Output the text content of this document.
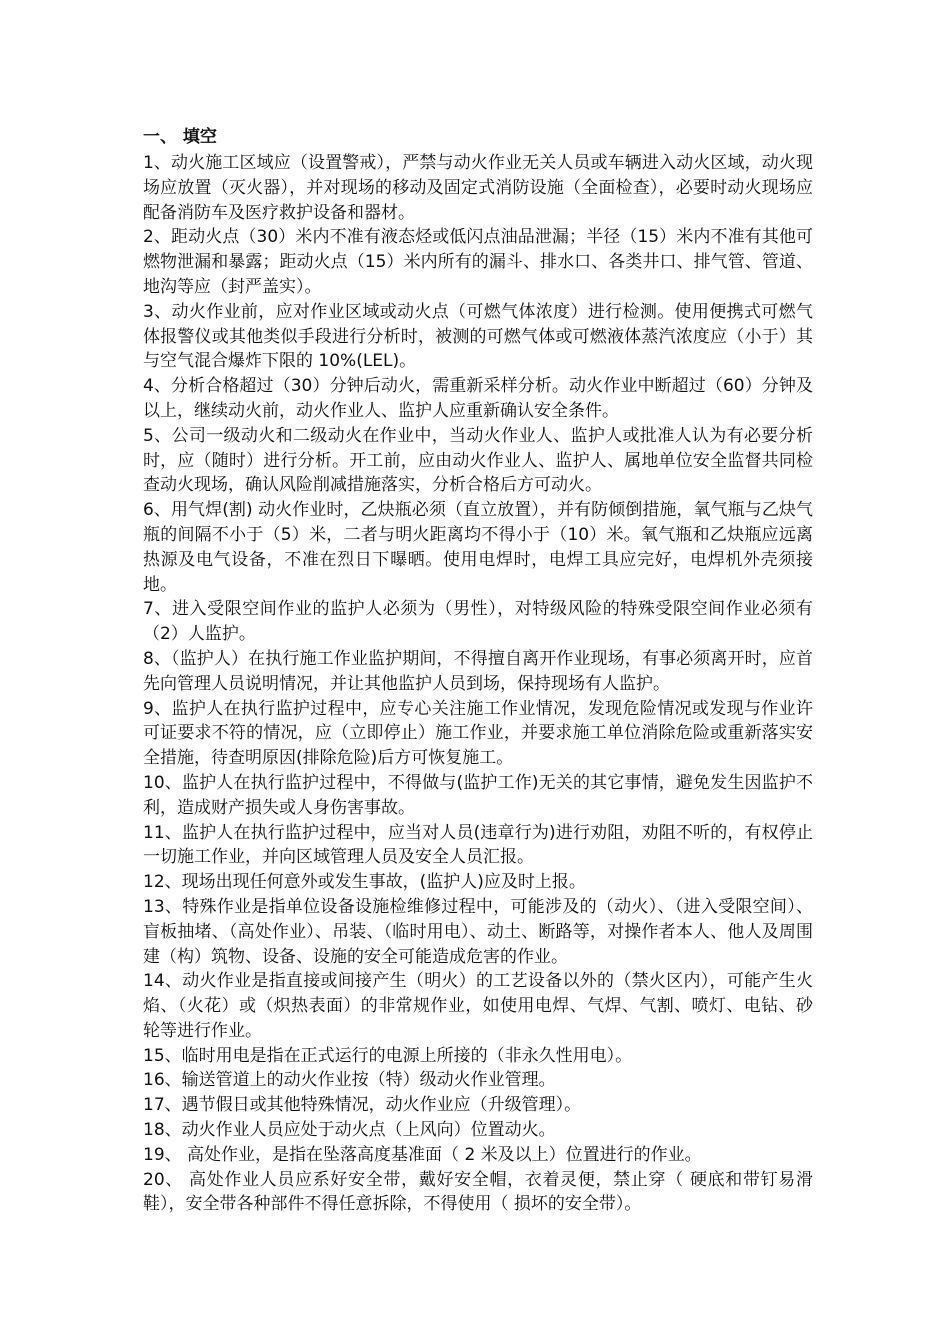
一、 填空

1、动火施工区域应（设置警戒），严禁与动火作业无关人员或车辆进入动火区域，动火现场应放置（灭火器），并对现场的移动及固定式消防设施（全面检查），必要时动火现场应配备消防车及医疗救护设备和器材。

2、距动火点（30）米内不准有液态烃或低闪点油品泄漏；半径（15）米内不准有其他可燃物泄漏和暴露；距动火点（15）米内所有的漏斗、排水口、各类井口、排气管、管道、地沟等应（封严盖实）。

3、动火作业前，应对作业区域或动火点（可燃气体浓度）进行检测。使用便携式可燃气体报警仪或其他类似手段进行分析时，被测的可燃气体或可燃液体蒸汽浓度应（小于）其与空气混合爆炸下限的 10%(LEL)。

4、分析合格超过（30）分钟后动火，需重新采样分析。动火作业中断超过（60）分钟及以上，继续动火前，动火作业人、监护人应重新确认安全条件。

5、公司一级动火和二级动火在作业中，当动火作业人、监护人或批准人认为有必要分析时，应（随时）进行分析。开工前，应由动火作业人、监护人、属地单位安全监督共同检查动火现场，确认风险削减措施落实，分析合格后方可动火。

6、用气焊(割) 动火作业时，乙炔瓶必须（直立放置），并有防倾倒措施，氧气瓶与乙炔气瓶的间隔不小于（5）米，二者与明火距离均不得小于（10）米。氧气瓶和乙炔瓶应远离热源及电气设备，不准在烈日下曝晒。使用电焊时，电焊工具应完好，电焊机外壳须接地。

7、进入受限空间作业的监护人必须为（男性），对特级风险的特殊受限空间作业必须有（2）人监护。

8、（监护人）在执行施工作业监护期间，不得擅自离开作业现场，有事必须离开时，应首先向管理人员说明情况，并让其他监护人员到场，保持现场有人监护。

9、监护人在执行监护过程中，应专心关注施工作业情况，发现危险情况或发现与作业许可证要求不符的情况，应（立即停止）施工作业，并要求施工单位消除危险或重新落实安全措施，待查明原因(排除危险)后方可恢复施工。

10、监护人在执行监护过程中，不得做与(监护工作)无关的其它事情，避免发生因监护不利，造成财产损失或人身伤害事故。

11、监护人在执行监护过程中，应当对人员(违章行为)进行劝阻，劝阻不听的，有权停止一切施工作业，并向区域管理人员及安全人员汇报。

12、现场出现任何意外或发生事故，(监护人)应及时上报。

13、特殊作业是指单位设备设施检维修过程中，可能涉及的（动火）、（进入受限空间）、盲板抽堵、（高处作业）、吊装、（临时用电）、动土、断路等，对操作者本人、他人及周围建（构）筑物、设备、设施的安全可能造成危害的作业。

14、动火作业是指直接或间接产生（明火）的工艺设备以外的（禁火区内），可能产生火焰、（火花）或（炽热表面）的非常规作业，如使用电焊、气焊、气割、喷灯、电钻、砂轮等进行作业。

15、临时用电是指在正式运行的电源上所接的（非永久性用电）。

16、输送管道上的动火作业按（特）级动火作业管理。

17、遇节假日或其他特殊情况，动火作业应（升级管理）。

18、动火作业人员应处于动火点（上风向）位置动火。

19、 高处作业，是指在坠落高度基准面（ 2 米及以上）位置进行的作业。

20、 高处作业人员应系好安全带，戴好安全帽，衣着灵便，禁止穿（ 硬底和带钉易滑鞋），安全带各种部件不得任意拆除，不得使用（ 损坏的安全带）。
